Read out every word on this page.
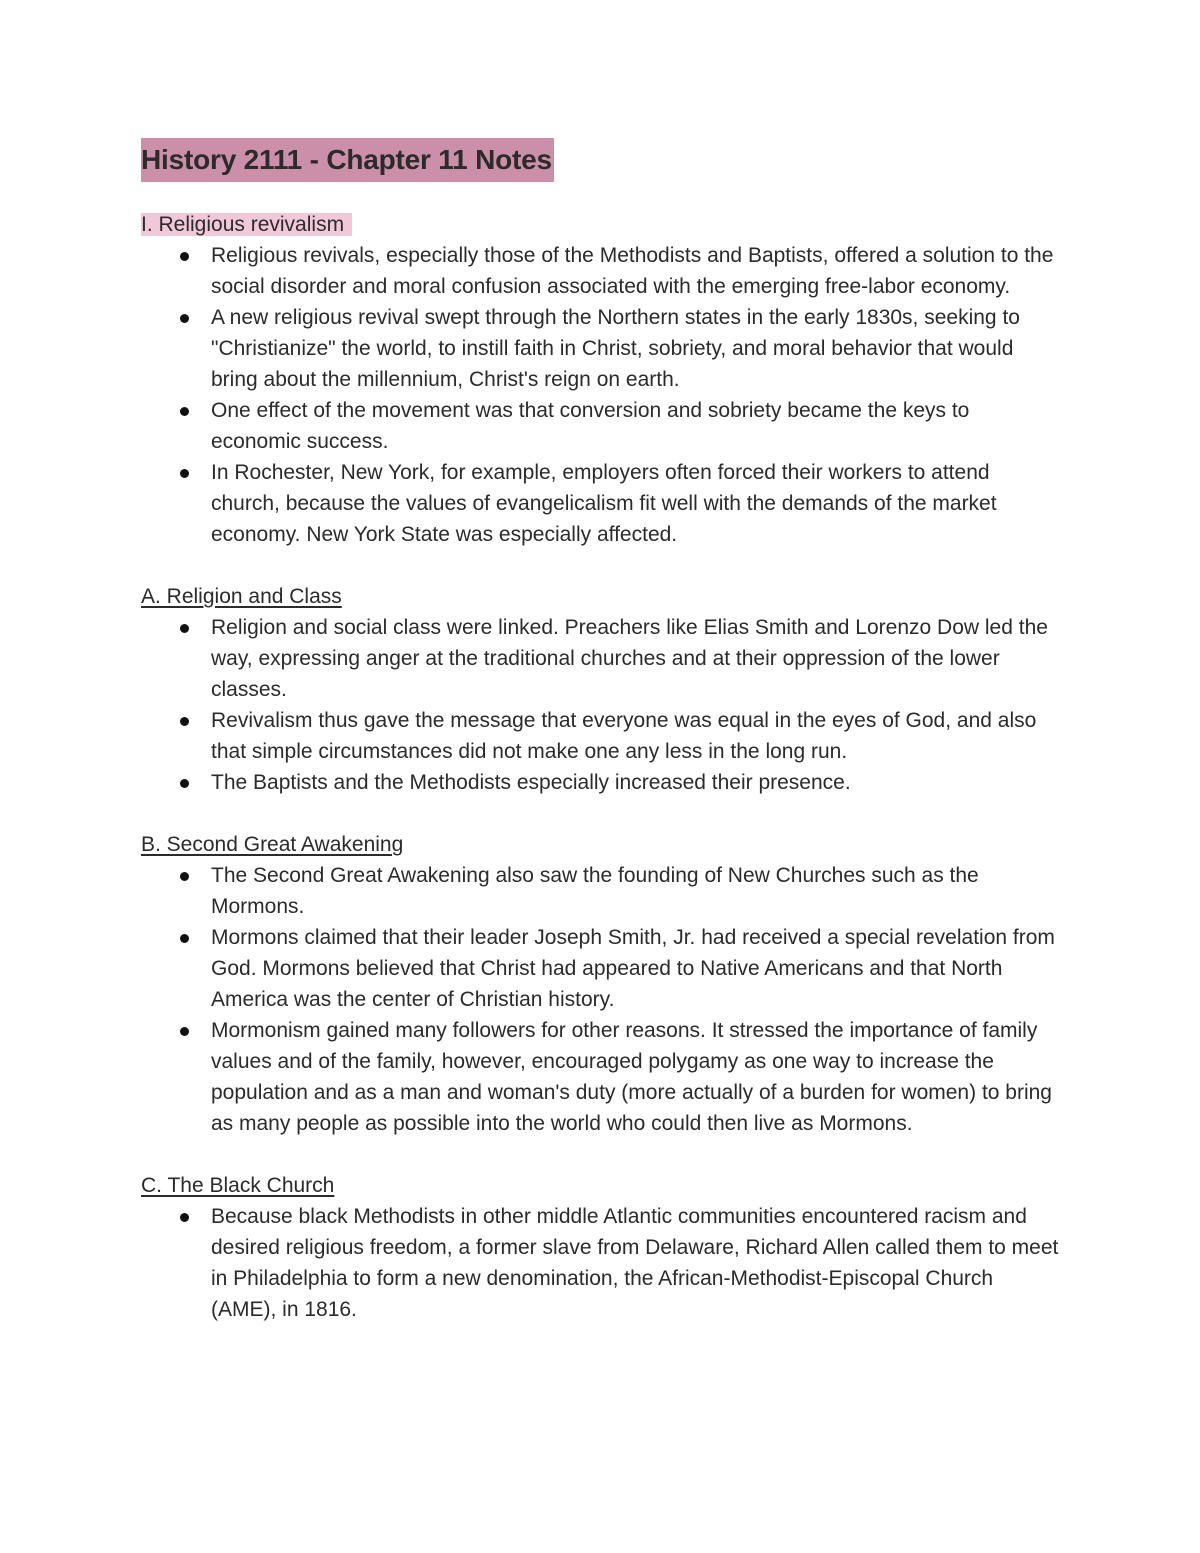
History 2111 - Chapter 11 Notes

I. Religious revivalism

Religious revivals, especially those of the Methodists and Baptists, offered a solution to the social disorder and moral confusion associated with the emerging free-labor economy.
A new religious revival swept through the Northern states in the early 1830s, seeking to "Christianize" the world, to instill faith in Christ, sobriety, and moral behavior that would bring about the millennium, Christ's reign on earth.
One effect of the movement was that conversion and sobriety became the keys to economic success.
In Rochester, New York, for example, employers often forced their workers to attend church, because the values of evangelicalism fit well with the demands of the market economy. New York State was especially affected.

A. Religion and Class

Religion and social class were linked. Preachers like Elias Smith and Lorenzo Dow led the way, expressing anger at the traditional churches and at their oppression of the lower classes.
Revivalism thus gave the message that everyone was equal in the eyes of God, and also that simple circumstances did not make one any less in the long run.
The Baptists and the Methodists especially increased their presence.

B. Second Great Awakening

The Second Great Awakening also saw the founding of New Churches such as the Mormons.
Mormons claimed that their leader Joseph Smith, Jr. had received a special revelation from God. Mormons believed that Christ had appeared to Native Americans and that North America was the center of Christian history.
Mormonism gained many followers for other reasons. It stressed the importance of family values and of the family, however, encouraged polygamy as one way to increase the population and as a man and woman's duty (more actually of a burden for women) to bring as many people as possible into the world who could then live as Mormons.

C. The Black Church

Because black Methodists in other middle Atlantic communities encountered racism and desired religious freedom, a former slave from Delaware, Richard Allen called them to meet in Philadelphia to form a new denomination, the African-Methodist-Episcopal Church (AME), in 1816.
